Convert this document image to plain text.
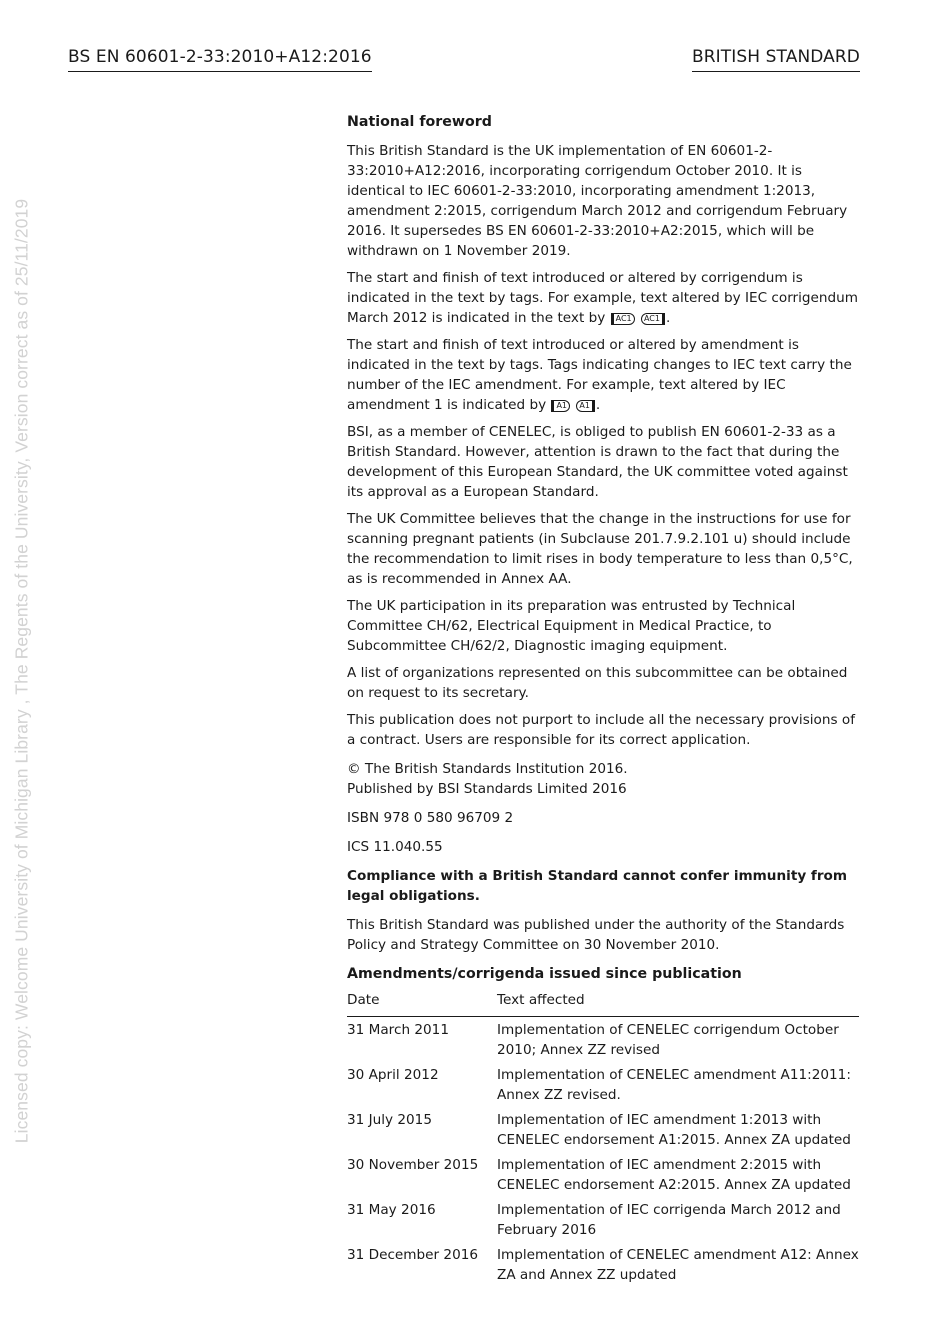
BS EN 60601-2-33:2010+A12:2016	BRITISH STANDARD
Licensed copy: Welcome University of Michigan Library , The Regents of the University, Version correct as of 25/11/2019
National foreword

This British Standard is the UK implementation of EN 60601-2-33:2010+A12:2016, incorporating corrigendum October 2010. It is identical to IEC 60601-2-33:2010, incorporating amendment 1:2013, amendment 2:2015, corrigendum March 2012 and corrigendum February 2016. It supersedes BS EN 60601-2-33:2010+A2:2015, which will be withdrawn on 1 November 2019.

The start and finish of text introduced or altered by corrigendum is indicated in the text by tags. For example, text altered by IEC corrigendum March 2012 is indicated in the text by AC1 AC1 .

The start and finish of text introduced or altered by amendment is indicated in the text by tags. Tags indicating changes to IEC text carry the number of the IEC amendment. For example, text altered by IEC amendment 1 is indicated by A1 A1 .

BSI, as a member of CENELEC, is obliged to publish EN 60601-2-33 as a British Standard. However, attention is drawn to the fact that during the development of this European Standard, the UK committee voted against its approval as a European Standard.

The UK Committee believes that the change in the instructions for use for scanning pregnant patients (in Subclause 201.7.9.2.101 u) should include the recommendation to limit rises in body temperature to less than 0,5°C, as is recommended in Annex AA.

The UK participation in its preparation was entrusted by Technical Committee CH/62, Electrical Equipment in Medical Practice, to Subcommittee CH/62/2, Diagnostic imaging equipment.

A list of organizations represented on this subcommittee can be obtained on request to its secretary.

This publication does not purport to include all the necessary provisions of a contract. Users are responsible for its correct application.

© The British Standards Institution 2016.
Published by BSI Standards Limited 2016

ISBN 978 0 580 96709 2

ICS 11.040.55

Compliance with a British Standard cannot confer immunity from legal obligations.

This British Standard was published under the authority of the Standards Policy and Strategy Committee on 30 November 2010.

Amendments/corrigenda issued since publication
Date	Text affected
31 March 2011	Implementation of CENELEC corrigendum October 2010; Annex ZZ revised
30 April 2012	Implementation of CENELEC amendment A11:2011: Annex ZZ revised.
31 July 2015	Implementation of IEC amendment 1:2013 with CENELEC endorsement A1:2015. Annex ZA updated
30 November 2015	Implementation of IEC amendment 2:2015 with CENELEC endorsement A2:2015. Annex ZA updated
31 May 2016	Implementation of IEC corrigenda March 2012 and February 2016
31 December 2016	Implementation of CENELEC amendment A12: Annex ZA and Annex ZZ updated
